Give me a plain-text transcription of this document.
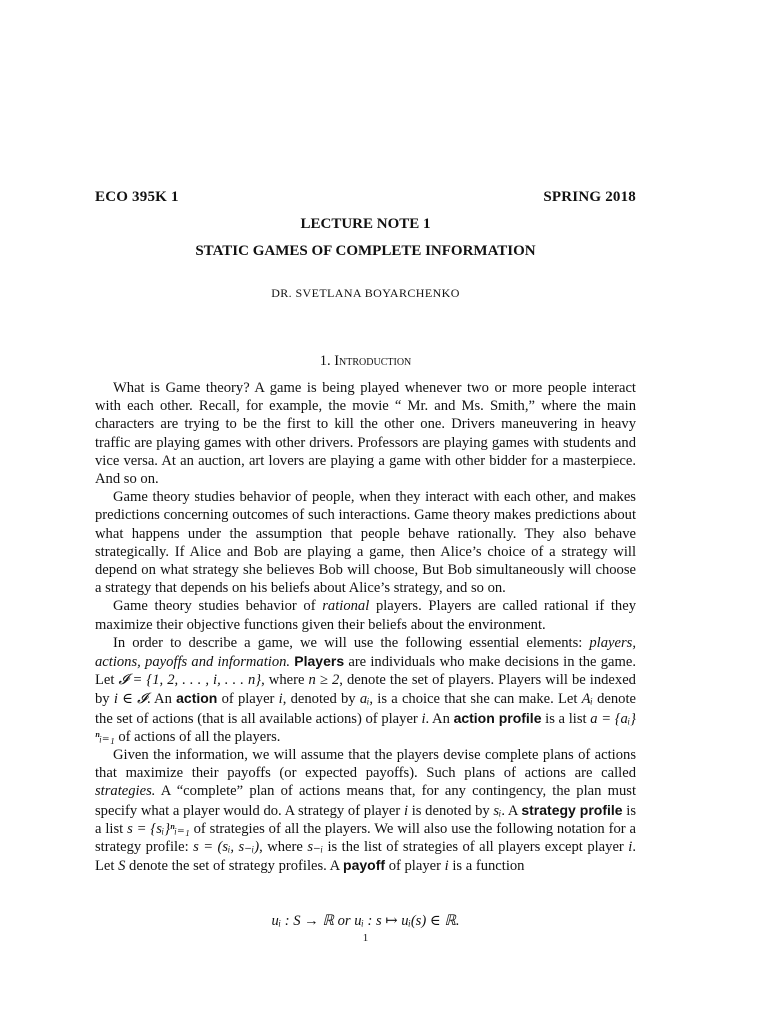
ECO 395K 1	SPRING 2018
LECTURE NOTE 1
STATIC GAMES OF COMPLETE INFORMATION
DR. SVETLANA BOYARCHENKO
1. Introduction

What is Game theory? A game is being played whenever two or more people interact with each other. Recall, for example, the movie “ Mr. and Ms. Smith,” where the main characters are trying to be the first to kill the other one. Drivers maneuvering in heavy traffic are playing games with other drivers. Professors are playing games with students and vice versa. At an auction, art lovers are playing a game with other bidder for a masterpiece. And so on.

Game theory studies behavior of people, when they interact with each other, and makes predictions concerning outcomes of such interactions. Game theory makes predictions about what happens under the assumption that people behave rationally. They also behave strategically. If Alice and Bob are playing a game, then Alice’s choice of a strategy will depend on what strategy she believes Bob will choose, But Bob simultaneously will choose a strategy that depends on his beliefs about Alice’s strategy, and so on.

Game theory studies behavior of rational players. Players are called rational if they maximize their objective functions given their beliefs about the environment.

In order to describe a game, we will use the following essential elements: players, actions, payoffs and information. Players are individuals who make decisions in the game. Let 𝓘 = {1, 2, . . . , i, . . . n}, where n ≥ 2, denote the set of players. Players will be indexed by i ∈ 𝓘. An action of player i, denoted by aᵢ, is a choice that she can make. Let Aᵢ denote the set of actions (that is all available actions) of player i. An action profile is a list a = {aᵢ}ⁿᵢ₌₁ of actions of all the players.

Given the information, we will assume that the players devise complete plans of actions that maximize their payoffs (or expected payoffs). Such plans of actions are called strategies. A “complete” plan of actions means that, for any contingency, the plan must specify what a player would do. A strategy of player i is denoted by sᵢ. A strategy profile is a list s = {sᵢ}ⁿᵢ₌₁ of strategies of all the players. We will also use the following notation for a strategy profile: s = (sᵢ, s₋ᵢ), where s₋ᵢ is the list of strategies of all players except player i. Let S denote the set of strategy profiles. A payoff of player i is a function

uᵢ : S → ℝ or uᵢ : s ↦ uᵢ(s) ∈ ℝ.
1
